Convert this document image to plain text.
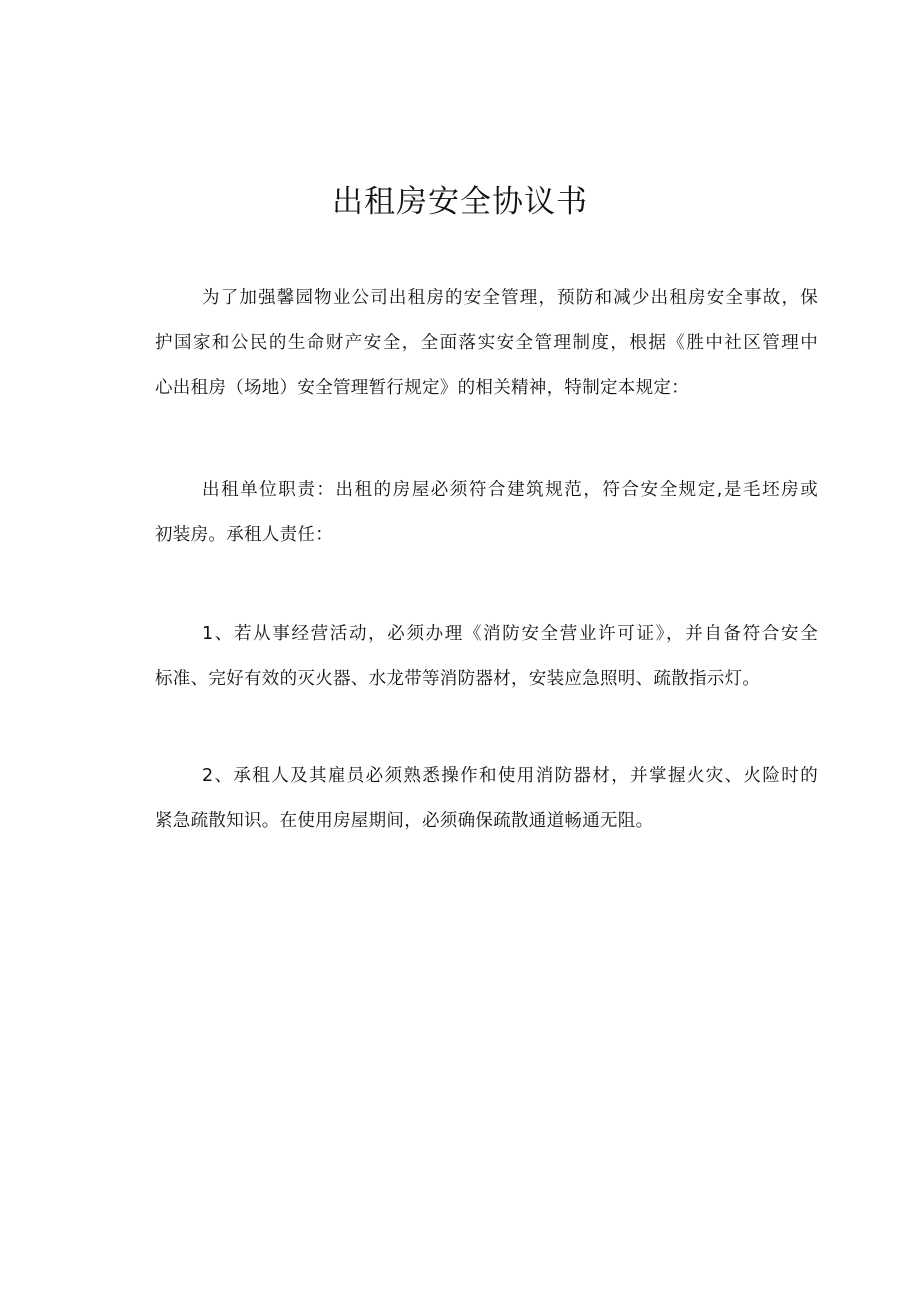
出租房安全协议书
为了加强馨园物业公司出租房的安全管理，预防和减少出租房安全事故，保
护国家和公民的生命财产安全，全面落实安全管理制度，根据《胜中社区管理中
心出租房（场地）安全管理暂行规定》的相关精神，特制定本规定：
出租单位职责：出租的房屋必须符合建筑规范，符合安全规定,是毛坯房或
初装房。承租人责任：
1、若从事经营活动，必须办理《消防安全营业许可证》，并自备符合安全
标准、完好有效的灭火器、水龙带等消防器材，安装应急照明、疏散指示灯。
2、承租人及其雇员必须熟悉操作和使用消防器材，并掌握火灾、火险时的
紧急疏散知识。在使用房屋期间，必须确保疏散通道畅通无阻。
